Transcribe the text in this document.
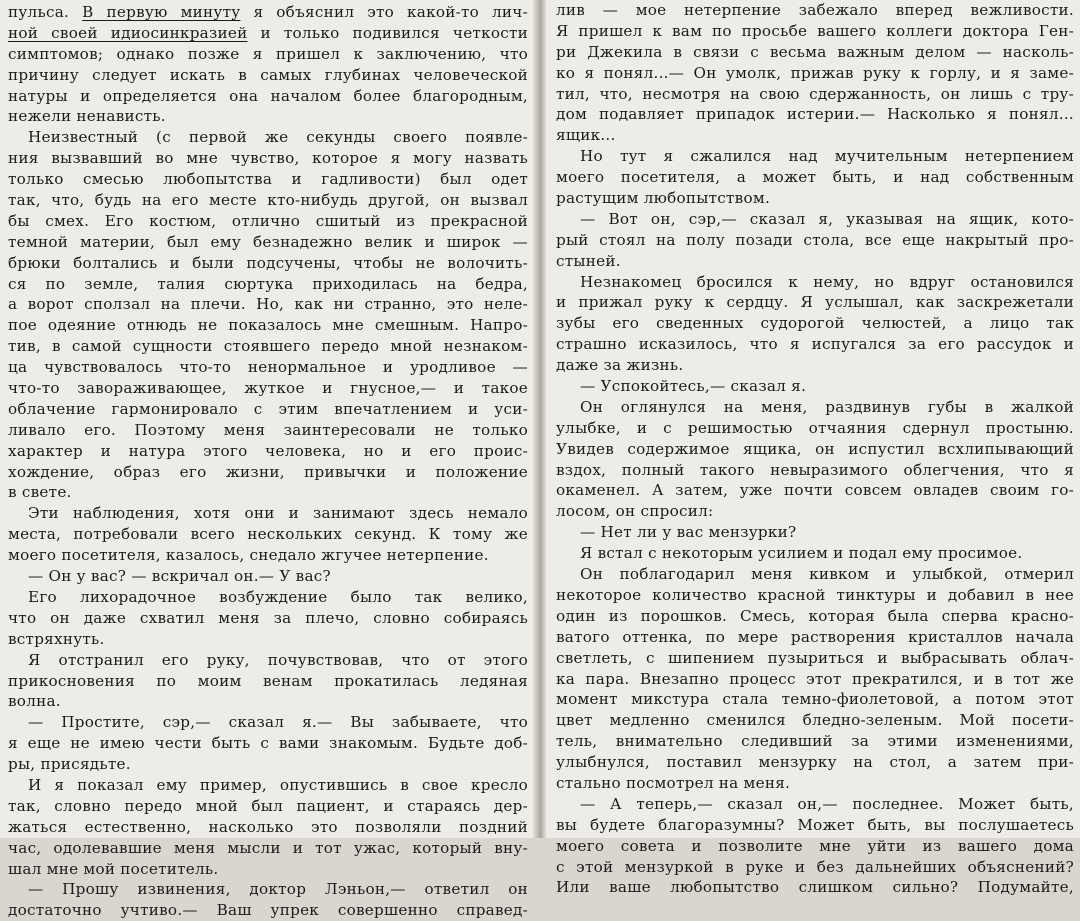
пульса. В первую минуту я объяснил это какой-то лич-
ной своей идиосинкразией и только подивился четкости
симптомов; однако позже я пришел к заключению, что
причину следует искать в самых глубинах человеческой
натуры и определяется она началом более благородным,
нежели ненависть.
Неизвестный (с первой же секунды своего появле-
ния вызвавший во мне чувство, которое я могу назвать
только смесью любопытства и гадливости) был одет
так, что, будь на его месте кто-нибудь другой, он вызвал
бы смех. Его костюм, отлично сшитый из прекрасной
темной материи, был ему безнадежно велик и широк —
брюки болтались и были подсучены, чтобы не волочить-
ся по земле, талия сюртука приходилась на бедра,
а ворот сползал на плечи. Но, как ни странно, это неле-
пое одеяние отнюдь не показалось мне смешным. Напро-
тив, в самой сущности стоявшего передо мной незнаком-
ца чувствовалось что-то ненормальное и уродливое —
что-то завораживающее, жуткое и гнусное,— и такое
облачение гармонировало с этим впечатлением и уси-
ливало его. Поэтому меня заинтересовали не только
характер и натура этого человека, но и его проис-
хождение, образ его жизни, привычки и положение
в свете.
Эти наблюдения, хотя они и занимают здесь немало
места, потребовали всего нескольких секунд. К тому же
моего посетителя, казалось, снедало жгучее нетерпение.
— Он у вас? — вскричал он.— У вас?
Его лихорадочное возбуждение было так велико,
что он даже схватил меня за плечо, словно собираясь
встряхнуть.
Я отстранил его руку, почувствовав, что от этого
прикосновения по моим венам прокатилась ледяная
волна.
— Простите, сэр,— сказал я.— Вы забываете, что
я еще не имею чести быть с вами знакомым. Будьте доб-
ры, присядьте.
И я показал ему пример, опустившись в свое кресло
так, словно передо мной был пациент, и стараясь дер-
жаться естественно, насколько это позволяли поздний
час, одолевавшие меня мысли и тот ужас, который вну-
шал мне мой посетитель.
— Прошу извинения, доктор Лэньон,— ответил он
достаточно учтиво.— Ваш упрек совершенно справед-
лив — мое нетерпение забежало вперед вежливости.
Я пришел к вам по просьбе вашего коллеги доктора Ген-
ри Джекила в связи с весьма важным делом — насколь-
ко я понял...— Он умолк, прижав руку к горлу, и я заме-
тил, что, несмотря на свою сдержанность, он лишь с тру-
дом подавляет припадок истерии.— Насколько я понял...
ящик...
Но тут я сжалился над мучительным нетерпением
моего посетителя, а может быть, и над собственным
растущим любопытством.
— Вот он, сэр,— сказал я, указывая на ящик, кото-
рый стоял на полу позади стола, все еще накрытый про-
стыней.
Незнакомец бросился к нему, но вдруг остановился
и прижал руку к сердцу. Я услышал, как заскрежетали
зубы его сведенных судорогой челюстей, а лицо так
страшно исказилось, что я испугался за его рассудок и
даже за жизнь.
— Успокойтесь,— сказал я.
Он оглянулся на меня, раздвинув губы в жалкой
улыбке, и с решимостью отчаяния сдернул простыню.
Увидев содержимое ящика, он испустил всхлипывающий
вздох, полный такого невыразимого облегчения, что я
окаменел. А затем, уже почти совсем овладев своим го-
лосом, он спросил:
— Нет ли у вас мензурки?
Я встал с некоторым усилием и подал ему просимое.
Он поблагодарил меня кивком и улыбкой, отмерил
некоторое количество красной тинктуры и добавил в нее
один из порошков. Смесь, которая была сперва красно-
ватого оттенка, по мере растворения кристаллов начала
светлеть, с шипением пузыриться и выбрасывать облач-
ка пара. Внезапно процесс этот прекратился, и в тот же
момент микстура стала темно-фиолетовой, а потом этот
цвет медленно сменился бледно-зеленым. Мой посети-
тель, внимательно следивший за этими изменениями,
улыбнулся, поставил мензурку на стол, а затем при-
стально посмотрел на меня.
— А теперь,— сказал он,— последнее. Может быть,
вы будете благоразумны? Может быть, вы послушаетесь
моего совета и позволите мне уйти из вашего дома
с этой мензуркой в руке и без дальнейших объяснений?
Или ваше любопытство слишком сильно? Подумайте,
